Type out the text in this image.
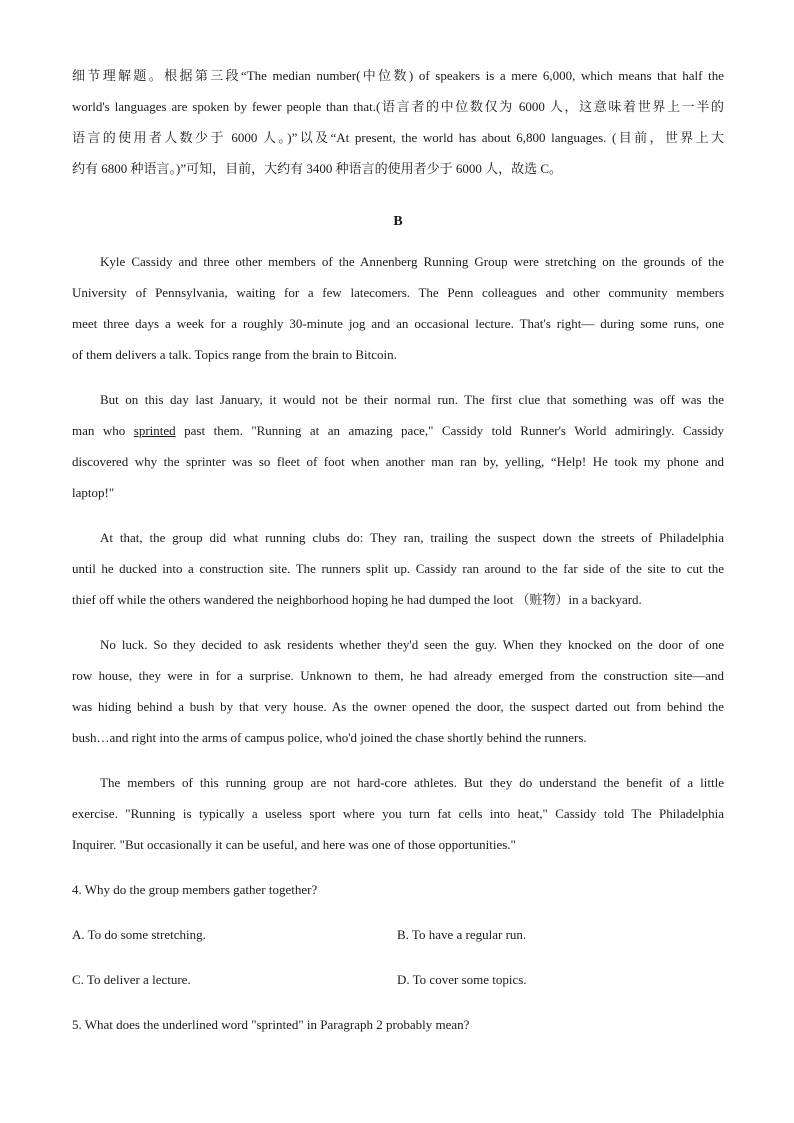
细节理解题。根据第三段“The median number(中位数) of speakers is a mere 6,000, which means that half the
world's languages are spoken by fewer people than that.(语言者的中位数仅为 6000 人，这意味着世界上一半的
语言的使用者人数少于 6000 人。)”以及“At present, the world has about 6,800 languages. (目前，世界上大
约有 6800 种语言。)”可知，目前，大约有 3400 种语言的使用者少于 6000 人，故选 C。
B
Kyle Cassidy and three other members of the Annenberg Running Group were stretching on the grounds of the
University of Pennsylvania, waiting for a few latecomers. The Penn colleagues and other community members
meet three days a week for a roughly 30-minute jog and an occasional lecture. That's right— during some runs, one
of them delivers a talk. Topics range from the brain to Bitcoin.
But on this day last January, it would not be their normal run. The first clue that something was off was the
man who sprinted past them. "Running at an amazing pace," Cassidy told Runner's World admiringly. Cassidy
discovered why the sprinter was so fleet of foot when another man ran by, yelling, “Help! He took my phone and
laptop!"
At that, the group did what running clubs do: They ran, trailing the suspect down the streets of Philadelphia
until he ducked into a construction site. The runners split up. Cassidy ran around to the far side of the site to cut the
thief off while the others wandered the neighborhood hoping he had dumped the loot （赃物）in a backyard.
No luck. So they decided to ask residents whether they'd seen the guy. When they knocked on the door of one
row house, they were in for a surprise. Unknown to them, he had already emerged from the construction site—and
was hiding behind a bush by that very house. As the owner opened the door, the suspect darted out from behind the
bush…and right into the arms of campus police, who'd joined the chase shortly behind the runners.
The members of this running group are not hard-core athletes. But they do understand the benefit of a little
exercise. "Running is typically a useless sport where you turn fat cells into heat," Cassidy told The Philadelphia
Inquirer. "But occasionally it can be useful, and here was one of those opportunities."
4. Why do the group members gather together?
A. To do some stretching.	B. To have a regular run.
C. To deliver a lecture.	D. To cover some topics.
5. What does the underlined word "sprinted" in Paragraph 2 probably mean?
